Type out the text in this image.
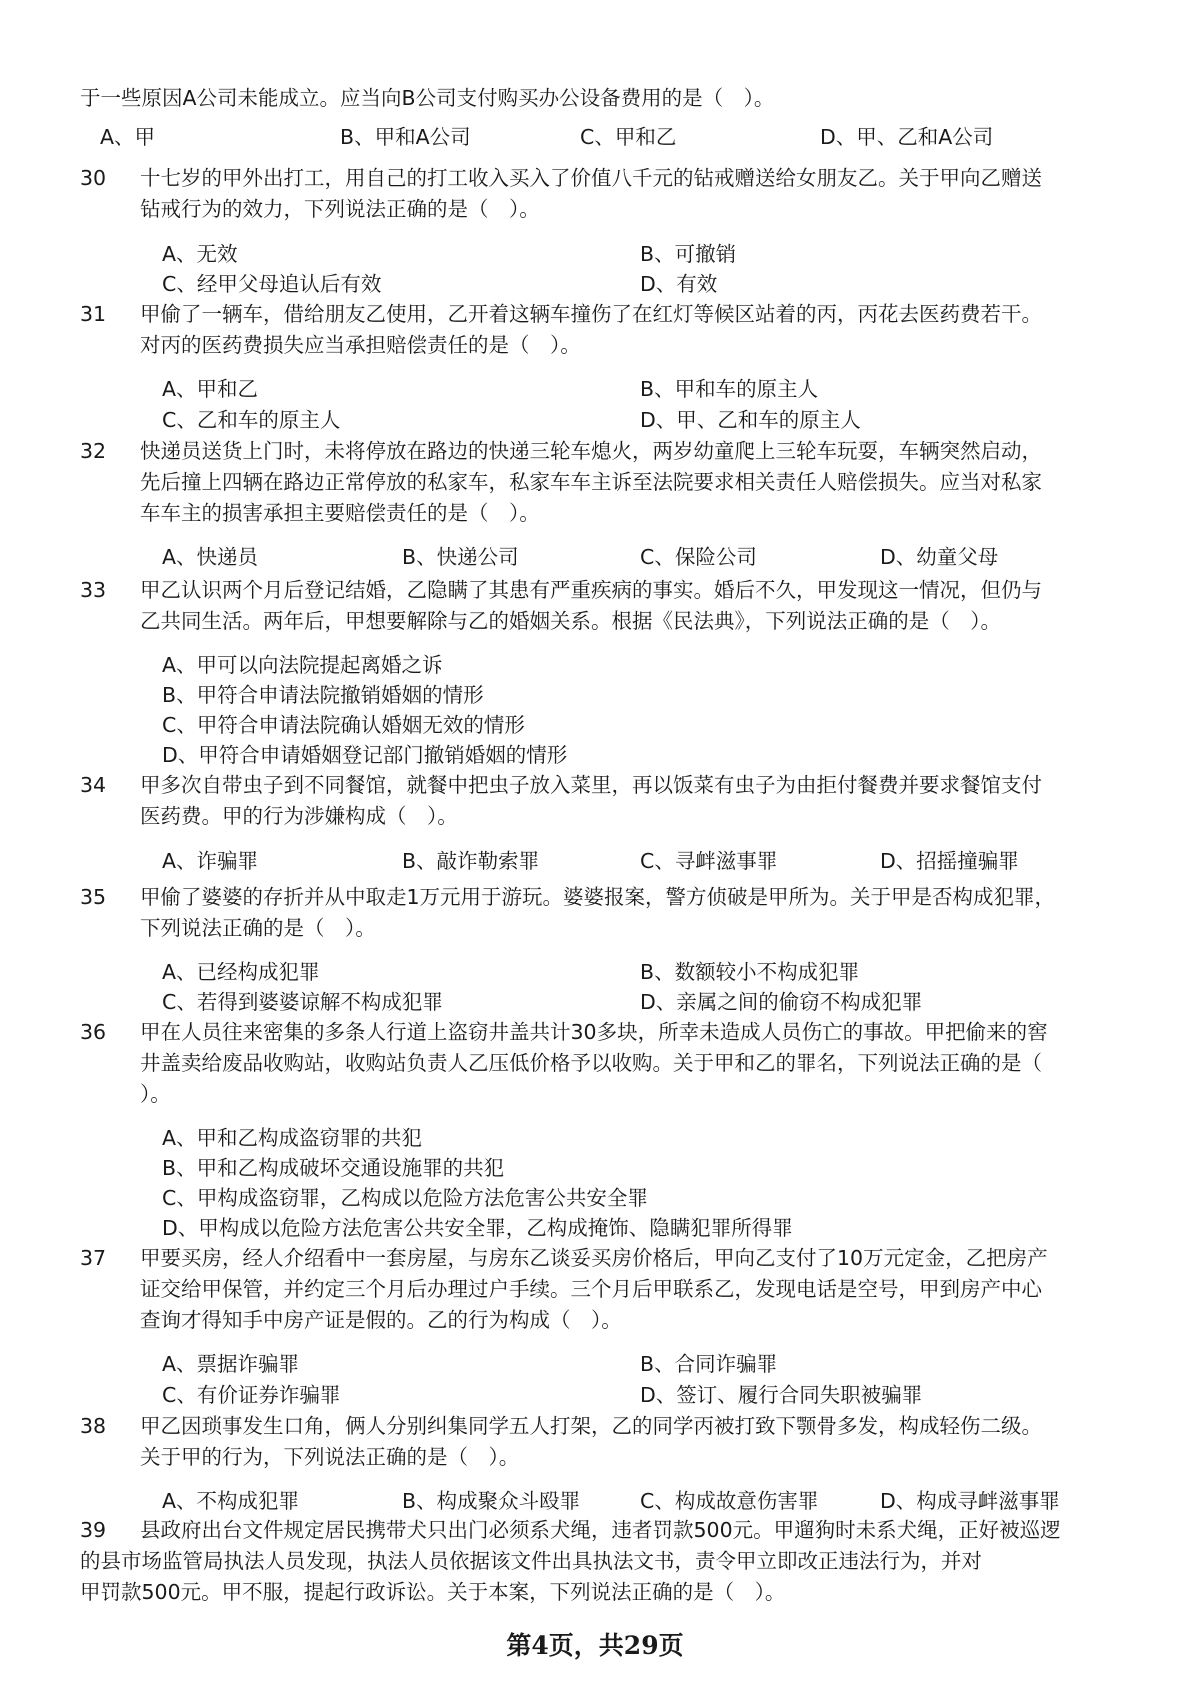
于一些原因A公司未能成立。应当向B公司支付购买办公设备费用的是（　）。
A、甲	B、甲和A公司	C、甲和乙	D、甲、乙和A公司
30 十七岁的甲外出打工，用自己的打工收入买入了价值八千元的钻戒赠送给女朋友乙。关于甲向乙赠送
钻戒行为的效力，下列说法正确的是（　）。
A、无效	B、可撤销
C、经甲父母追认后有效	D、有效
31 甲偷了一辆车，借给朋友乙使用，乙开着这辆车撞伤了在红灯等候区站着的丙，丙花去医药费若干。
对丙的医药费损失应当承担赔偿责任的是（　）。
A、甲和乙	B、甲和车的原主人
C、乙和车的原主人	D、甲、乙和车的原主人
32 快递员送货上门时，未将停放在路边的快递三轮车熄火，两岁幼童爬上三轮车玩耍，车辆突然启动，
先后撞上四辆在路边正常停放的私家车，私家车车主诉至法院要求相关责任人赔偿损失。应当对私家
车车主的损害承担主要赔偿责任的是（　）。
A、快递员	B、快递公司	C、保险公司	D、幼童父母
33 甲乙认识两个月后登记结婚，乙隐瞒了其患有严重疾病的事实。婚后不久，甲发现这一情况，但仍与
乙共同生活。两年后，甲想要解除与乙的婚姻关系。根据《民法典》，下列说法正确的是（　）。
A、甲可以向法院提起离婚之诉
B、甲符合申请法院撤销婚姻的情形
C、甲符合申请法院确认婚姻无效的情形
D、甲符合申请婚姻登记部门撤销婚姻的情形
34 甲多次自带虫子到不同餐馆，就餐中把虫子放入菜里，再以饭菜有虫子为由拒付餐费并要求餐馆支付
医药费。甲的行为涉嫌构成（　）。
A、诈骗罪	B、敲诈勒索罪	C、寻衅滋事罪	D、招摇撞骗罪
35 甲偷了婆婆的存折并从中取走1万元用于游玩。婆婆报案，警方侦破是甲所为。关于甲是否构成犯罪，
下列说法正确的是（　）。
A、已经构成犯罪	B、数额较小不构成犯罪
C、若得到婆婆谅解不构成犯罪	D、亲属之间的偷窃不构成犯罪
36 甲在人员往来密集的多条人行道上盗窃井盖共计30多块，所幸未造成人员伤亡的事故。甲把偷来的窖
井盖卖给废品收购站，收购站负责人乙压低价格予以收购。关于甲和乙的罪名，下列说法正确的是（
）。
A、甲和乙构成盗窃罪的共犯
B、甲和乙构成破坏交通设施罪的共犯
C、甲构成盗窃罪，乙构成以危险方法危害公共安全罪
D、甲构成以危险方法危害公共安全罪，乙构成掩饰、隐瞒犯罪所得罪
37 甲要买房，经人介绍看中一套房屋，与房东乙谈妥买房价格后，甲向乙支付了10万元定金，乙把房产
证交给甲保管，并约定三个月后办理过户手续。三个月后甲联系乙，发现电话是空号，甲到房产中心
查询才得知手中房产证是假的。乙的行为构成（　）。
A、票据诈骗罪	B、合同诈骗罪
C、有价证券诈骗罪	D、签订、履行合同失职被骗罪
38 甲乙因琐事发生口角，俩人分别纠集同学五人打架，乙的同学丙被打致下颚骨多发，构成轻伤二级。
关于甲的行为，下列说法正确的是（　）。
A、不构成犯罪	B、构成聚众斗殴罪	C、构成故意伤害罪	D、构成寻衅滋事罪
39 县政府出台文件规定居民携带犬只出门必须系犬绳，违者罚款500元。甲遛狗时未系犬绳，正好被巡逻
的县市场监管局执法人员发现，执法人员依据该文件出具执法文书，责令甲立即改正违法行为，并对
甲罚款500元。甲不服，提起行政诉讼。关于本案，下列说法正确的是（　）。
第4页，共29页
